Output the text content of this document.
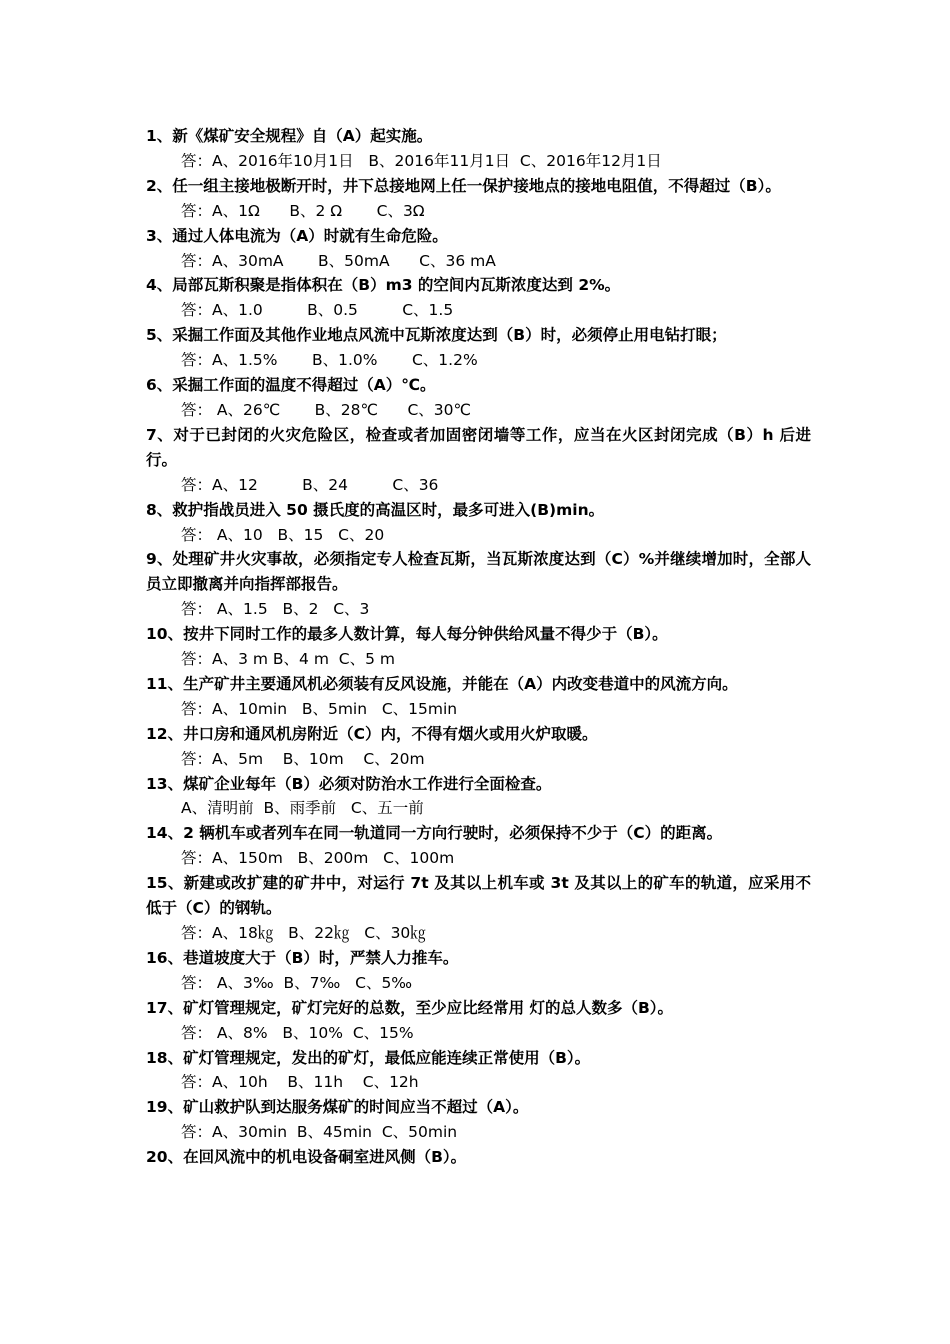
1、新《煤矿安全规程》自（A）起实施。

答：A、2016年10月1日   B、2016年11月1日  C、2016年12月1日

2、任一组主接地极断开时，井下总接地网上任一保护接地点的接地电阻值，不得超过（B）。

答：A、1Ω      B、2 Ω       C、3Ω

3、通过人体电流为（A）时就有生命危险。

答：A、30mA       B、50mA      C、36 mA

4、局部瓦斯积聚是指体积在（B）m3 的空间内瓦斯浓度达到 2%。

答：A、1.0         B、0.5         C、1.5

5、采掘工作面及其他作业地点风流中瓦斯浓度达到（B）时，必须停止用电钻打眼；

答：A、1.5%       B、1.0%       C、1.2%

6、采掘工作面的温度不得超过（A）℃。

答： A、26℃       B、28℃      C、30℃

7、对于已封闭的火灾危险区，检查或者加固密闭墙等工作，应当在火区封闭完成（B）h 后进行。

答：A、12         B、24         C、36

8、救护指战员进入 50 摄氏度的高温区时，最多可进入(B)min。

答： A、10   B、15   C、20

9、处理矿井火灾事故，必须指定专人检查瓦斯，当瓦斯浓度达到（C）%并继续增加时，全部人员立即撤离并向指挥部报告。

答： A、1.5   B、2   C、3

10、按井下同时工作的最多人数计算，每人每分钟供给风量不得少于（B）。

答：A、3 m B、4 m  C、5 m

11、生产矿井主要通风机必须装有反风设施，并能在（A）内改变巷道中的风流方向。

答：A、10min   B、5min   C、15min

12、井口房和通风机房附近（C）内，不得有烟火或用火炉取暖。

答：A、5m    B、10m    C、20m

13、煤矿企业每年（B）必须对防治水工作进行全面检查。

A、清明前  B、雨季前   C、五一前

14、2 辆机车或者列车在同一轨道同一方向行驶时，必须保持不少于（C）的距离。

答：A、150m   B、200m   C、100m

15、新建或改扩建的矿井中，对运行 7t 及其以上机车或 3t 及其以上的矿车的轨道，应采用不低于（C）的钢轨。

答：A、18㎏   B、22㎏   C、30㎏

16、巷道坡度大于（B）时，严禁人力推车。

答： A、3‰  B、7‰   C、5‰

17、矿灯管理规定，矿灯完好的总数，至少应比经常用 灯的总人数多（B）。

答： A、8%   B、10%  C、15%

18、矿灯管理规定，发出的矿灯，最低应能连续正常使用（B）。

答：A、10h    B、11h    C、12h

19、矿山救护队到达服务煤矿的时间应当不超过（A）。

答：A、30min  B、45min  C、50min

20、在回风流中的机电设备硐室进风侧（B）。
